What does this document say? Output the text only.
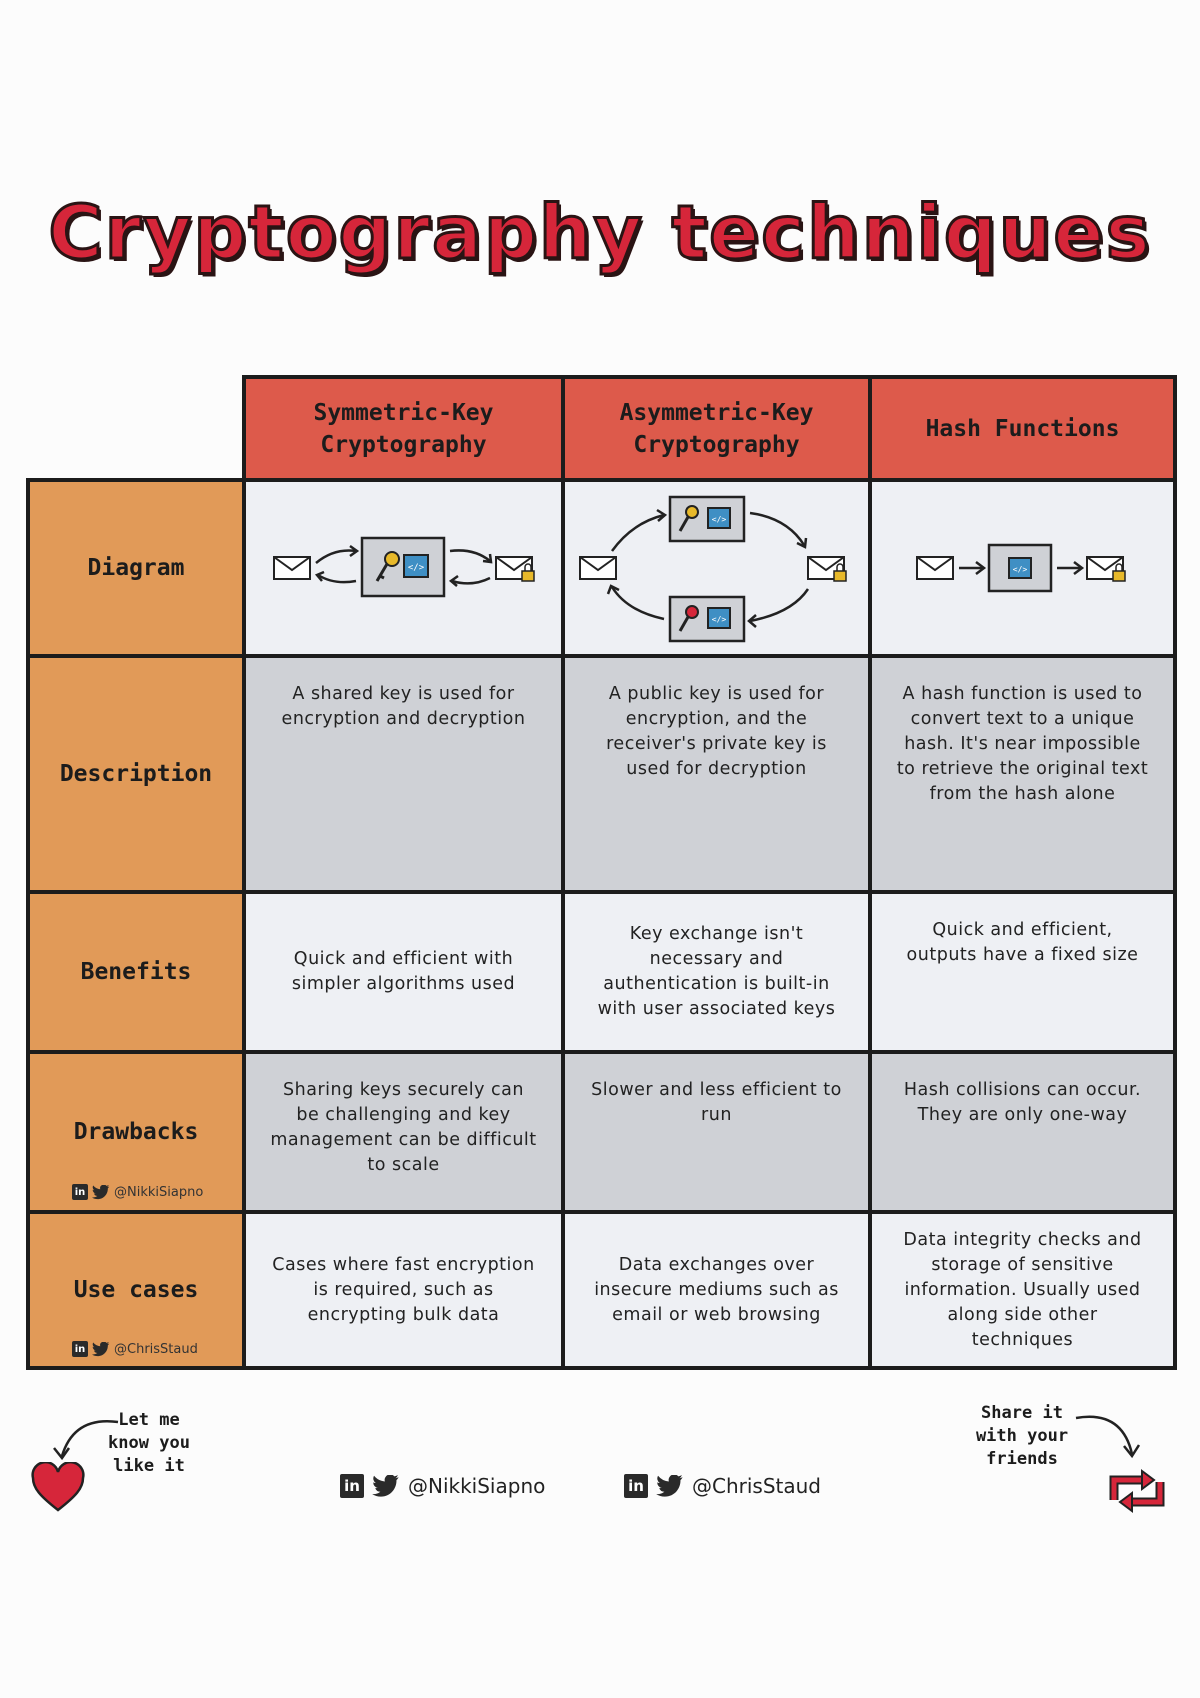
Cryptography techniques
Symmetric-Key Cryptography
Asymmetric-Key Cryptography
Hash Functions
Diagram
Description
Benefits
Drawbacks
Use cases
in @NikkiSiapno
in @ChrisStaud
</>
</>
</>
</>
A shared key is used for encryption and decryption
A public key is used for encryption, and the receiver's private key is used for decryption
A hash function is used to convert text to a unique hash. It's near impossible to retrieve the original text from the hash alone
Quick and efficient with simpler algorithms used
Key exchange isn't necessary and authentication is built-in with user associated keys
Quick and efficient, outputs have a fixed size
Sharing keys securely can be challenging and key management can be difficult to scale
Slower and less efficient to run
Hash collisions can occur. They are only one-way
Cases where fast encryption is required, such as encrypting bulk data
Data exchanges over insecure mediums such as email or web browsing
Data integrity checks and storage of sensitive information. Usually used along side other techniques
Let me know you like it
in @NikkiSiapno	in @ChrisStaud
Share it with your friends
